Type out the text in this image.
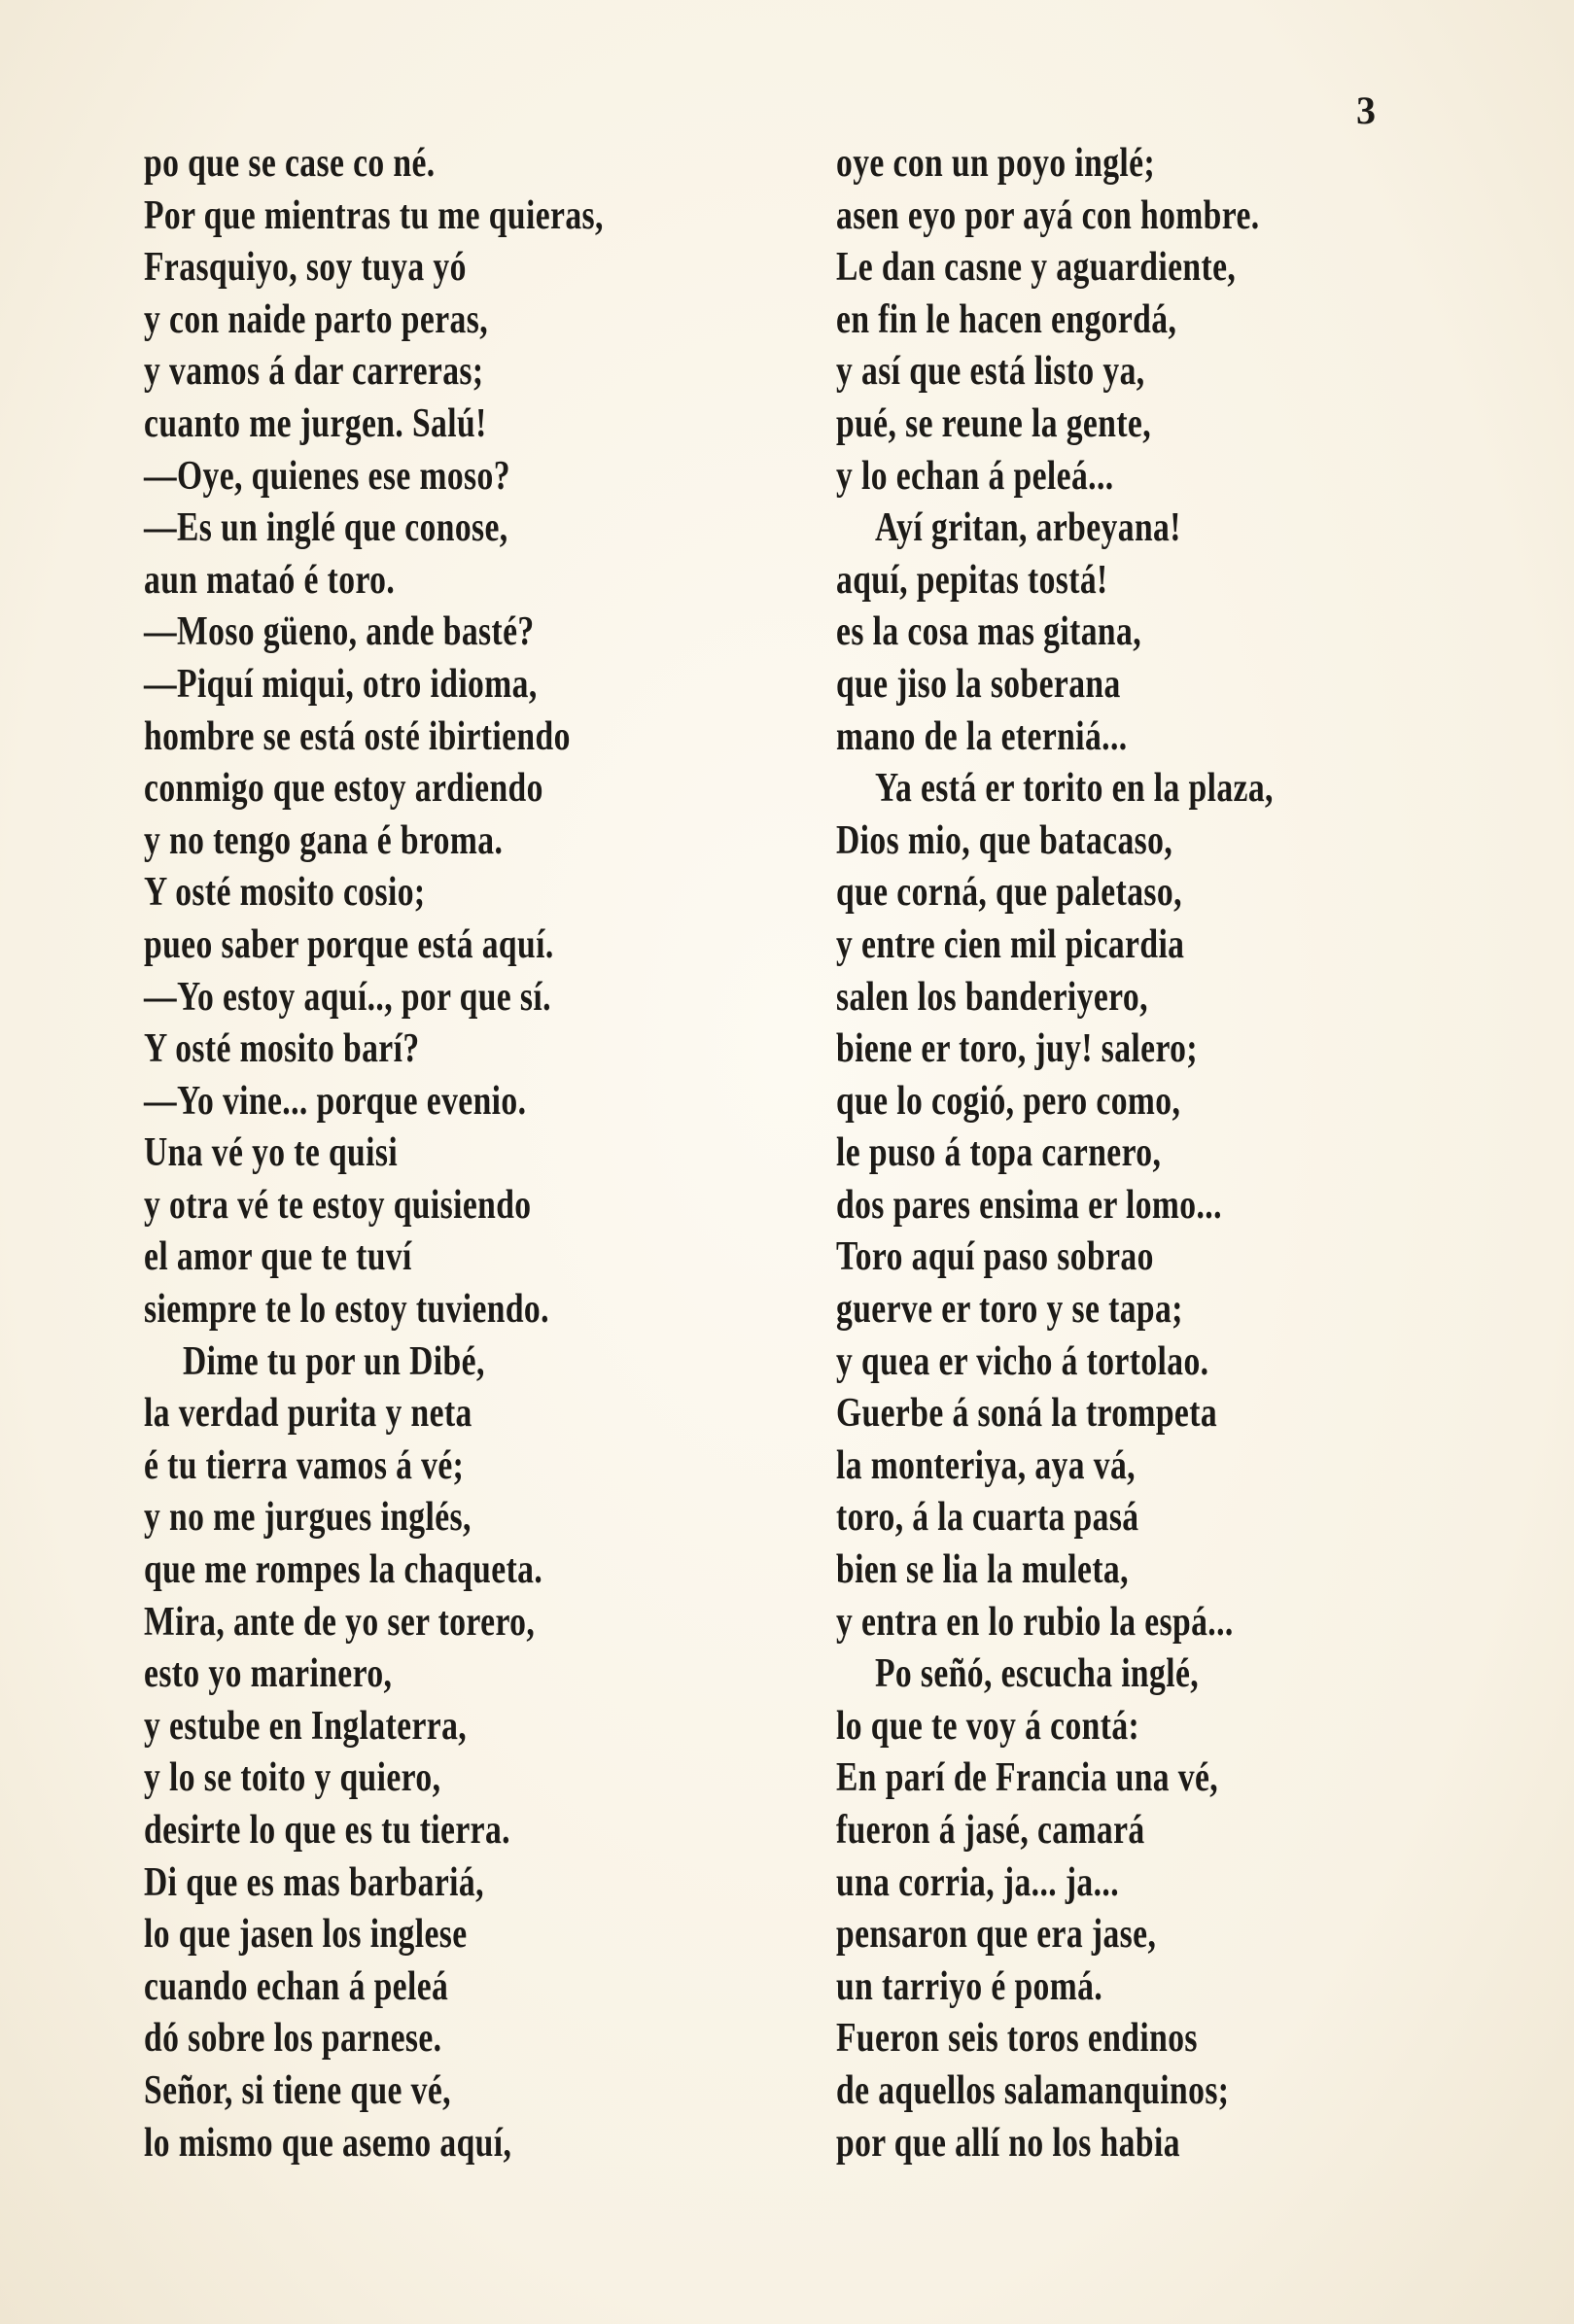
3
po que se case co né.
Por que mientras tu me quieras,
Frasquiyo, soy tuya yó
y con naide parto peras,
y vamos á dar carreras;
cuanto me jurgen. Salú!
—Oye, quienes ese moso?
—Es un inglé que conose,
aun mataó é toro.
—Moso güeno, ande basté?
—Piquí miqui, otro idioma,
hombre se está osté ibirtiendo
conmigo que estoy ardiendo
y no tengo gana é broma.
Y osté mosito cosio;
pueo saber porque está aquí.
—Yo estoy aquí.., por que sí.
Y osté mosito barí?
—Yo vine... porque evenio.
Una vé yo te quisi
y otra vé te estoy quisiendo
el amor que te tuví
siempre te lo estoy tuviendo.
Dime tu por un Dibé,
la verdad purita y neta
é tu tierra vamos á vé;
y no me jurgues inglés,
que me rompes la chaqueta.
Mira, ante de yo ser torero,
esto yo marinero,
y estube en Inglaterra,
y lo se toito y quiero,
desirte lo que es tu tierra.
Di que es mas barbariá,
lo que jasen los inglese
cuando echan á peleá
dó sobre los parnese.
Señor, si tiene que vé,
lo mismo que asemo aquí,
oye con un poyo inglé;
asen eyo por ayá con hombre.
Le dan casne y aguardiente,
en fin le hacen engordá,
y así que está listo ya,
pué, se reune la gente,
y lo echan á peleá...
Ayí gritan, arbeyana!
aquí, pepitas tostá!
es la cosa mas gitana,
que jiso la soberana
mano de la eterniá...
Ya está er torito en la plaza,
Dios mio, que batacaso,
que corná, que paletaso,
y entre cien mil picardia
salen los banderiyero,
biene er toro, juy! salero;
que lo cogió, pero como,
le puso á topa carnero,
dos pares ensima er lomo...
Toro aquí paso sobrao
guerve er toro y se tapa;
y quea er vicho á tortolao.
Guerbe á soná la trompeta
la monteriya, aya vá,
toro, á la cuarta pasá
bien se lia la muleta,
y entra en lo rubio la espá...
Po señó, escucha inglé,
lo que te voy á contá:
En parí de Francia una vé,
fueron á jasé, camará
una corria, ja... ja...
pensaron que era jase,
un tarriyo é pomá.
Fueron seis toros endinos
de aquellos salamanquinos;
por que allí no los habia
